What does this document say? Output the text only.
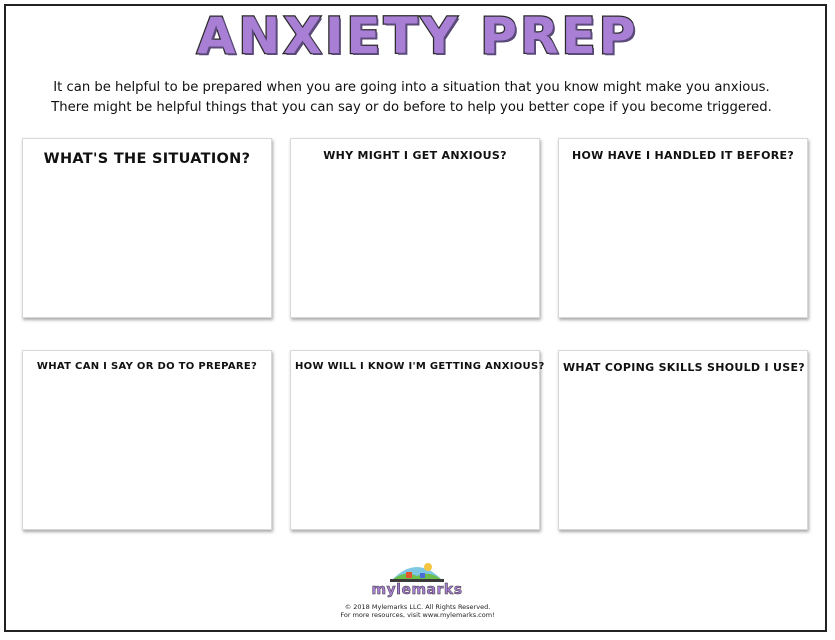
ANXIETY PREP
It can be helpful to be prepared when you are going into a situation that you know might make you anxious.
There might be helpful things that you can say or do before to help you better cope if you become triggered.
WHAT'S THE SITUATION?	WHY MIGHT I GET ANXIOUS?	HOW HAVE I HANDLED IT BEFORE?
WHAT CAN I SAY OR DO TO PREPARE?	HOW WILL I KNOW I'M GETTING ANXIOUS? WHAT COPING SKILLS SHOULD I USE?
mylemarks
© 2018 Mylemarks LLC. All Rights Reserved.
For more resources, visit www.mylemarks.com!
